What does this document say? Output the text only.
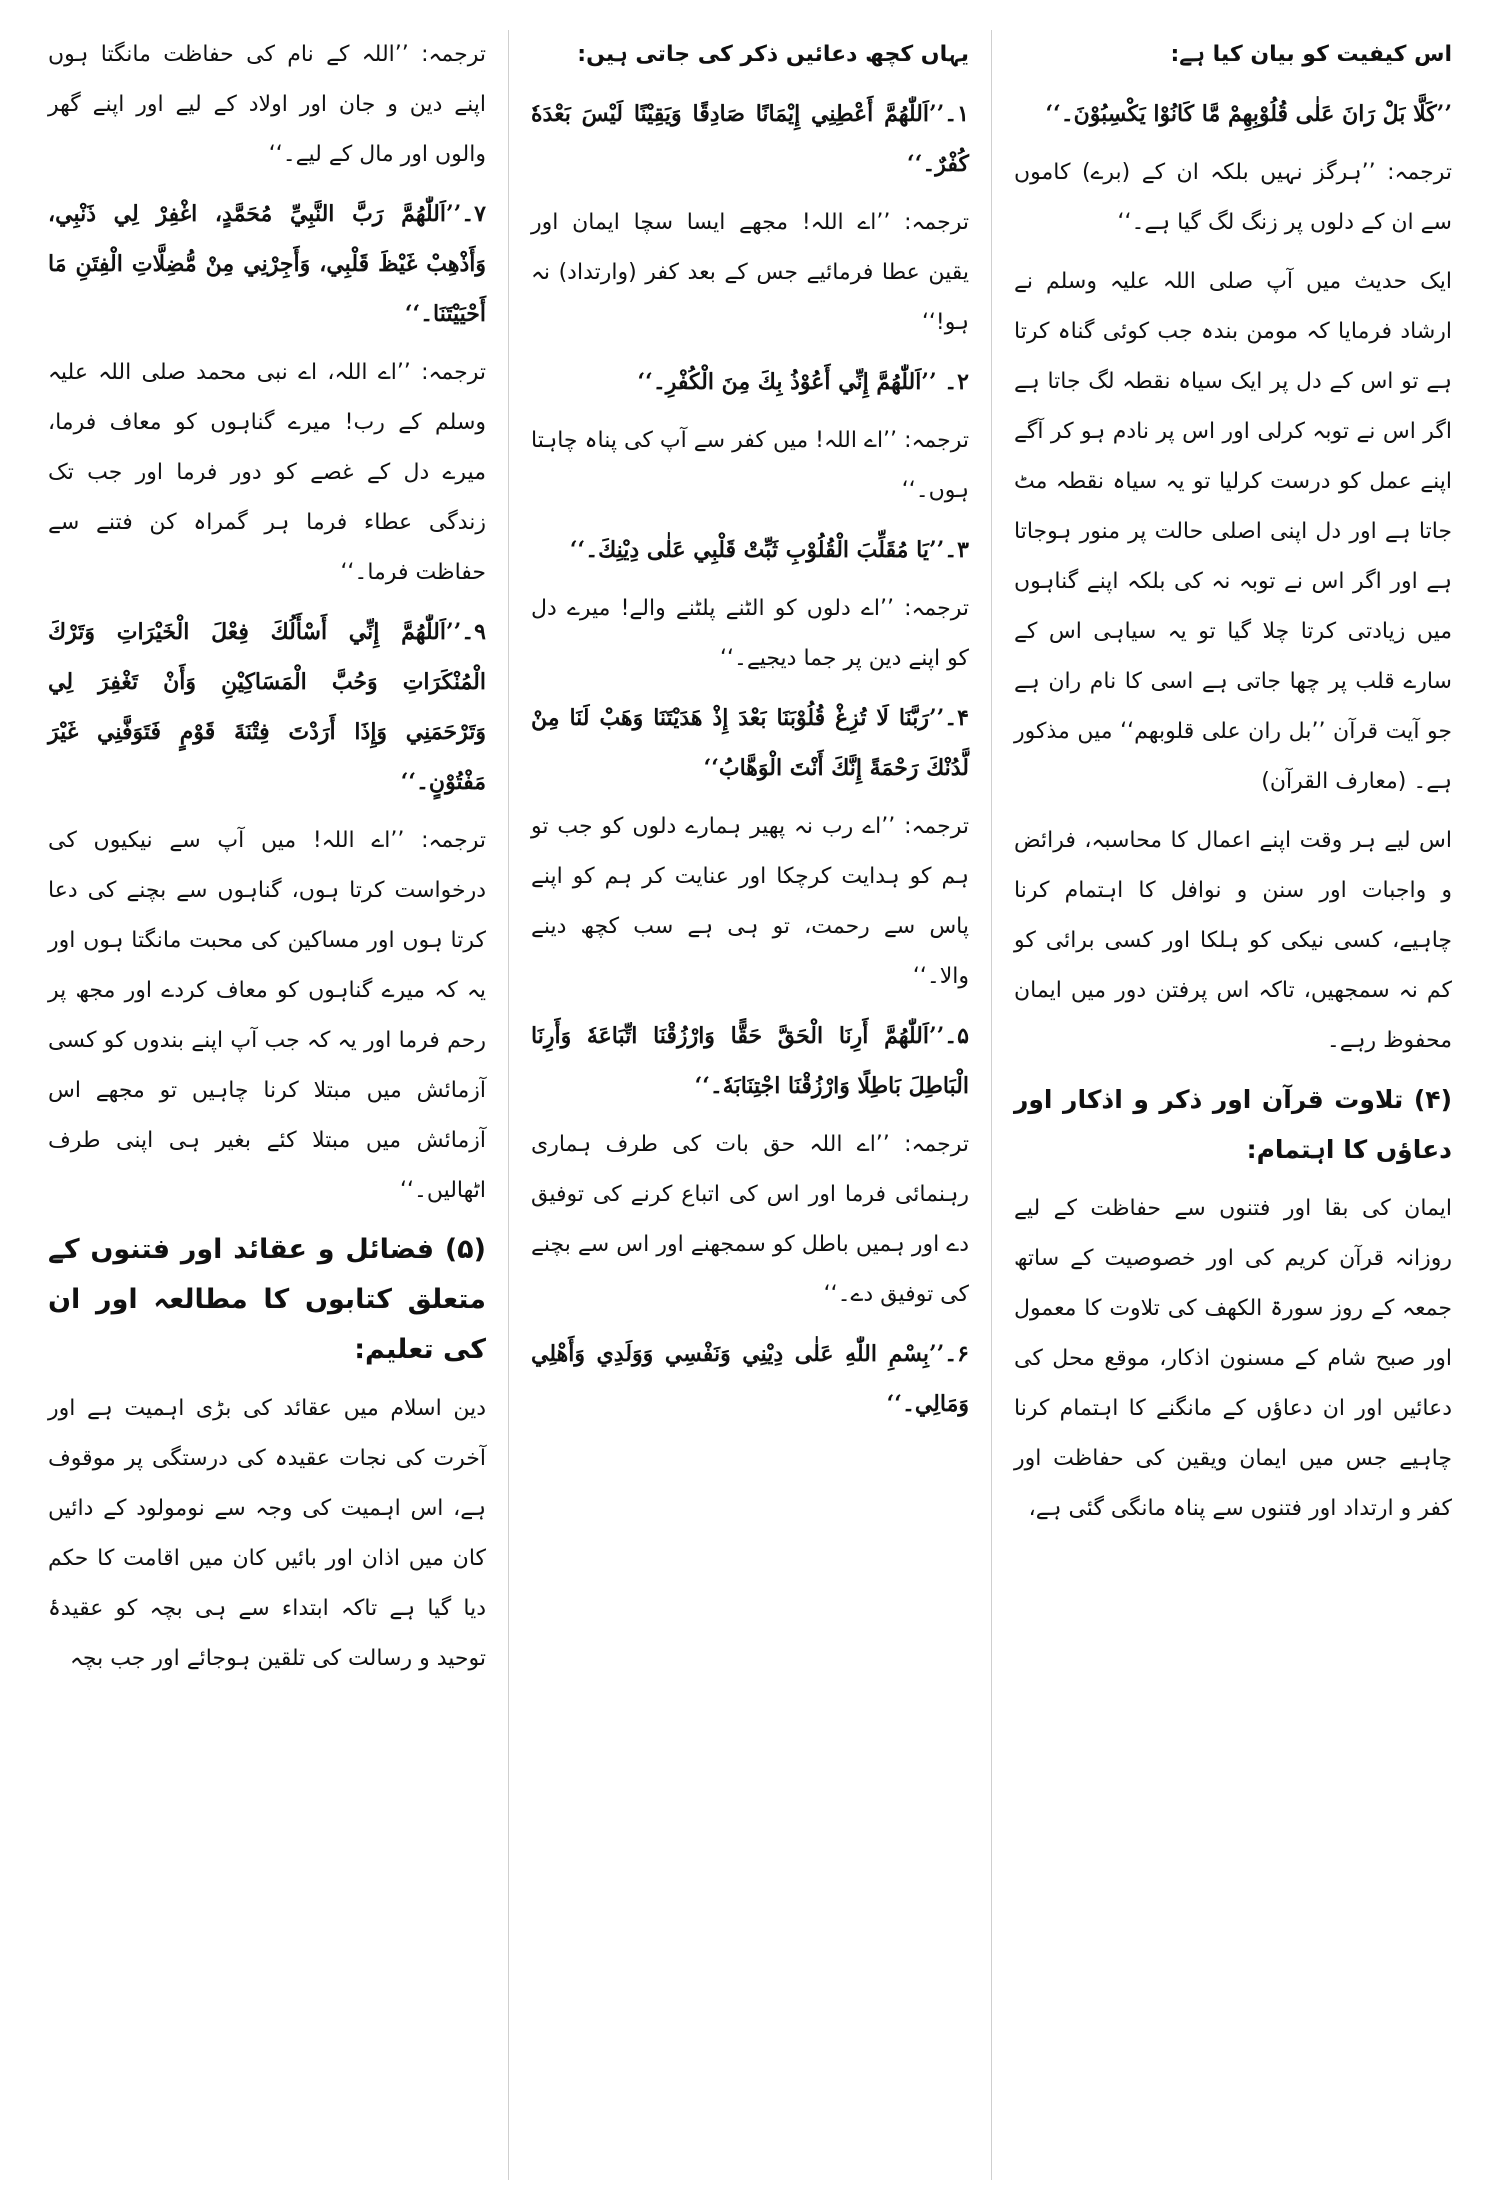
اس کیفیت کو بیان کیا ہے:

’’كَلَّا بَلْ رَانَ عَلٰى قُلُوْبِهِمْ مَّا كَانُوْا يَكْسِبُوْنَ۔‘‘

ترجمہ: ’’ہرگز نہیں بلکہ ان کے (برے) کاموں سے ان کے دلوں پر زنگ لگ گیا ہے۔‘‘

ایک حدیث میں آپ صلی اللہ علیہ وسلم نے ارشاد فرمایا کہ مومن بندہ جب کوئی گناہ کرتا ہے تو اس کے دل پر ایک سیاہ نقطہ لگ جاتا ہے اگر اس نے توبہ کرلی اور اس پر نادم ہو کر آگے اپنے عمل کو درست کرلیا تو یہ سیاہ نقطہ مٹ جاتا ہے اور دل اپنی اصلی حالت پر منور ہوجاتا ہے اور اگر اس نے توبہ نہ کی بلکہ اپنے گناہوں میں زیادتی کرتا چلا گیا تو یہ سیاہی اس کے سارے قلب پر چھا جاتی ہے اسی کا نام ران ہے جو آیت قرآن ’’بل ران علی قلوبھم‘‘ میں مذکور ہے۔ (معارف القرآن)

اس لیے ہر وقت اپنے اعمال کا محاسبہ، فرائض و واجبات اور سنن و نوافل کا اہتمام کرنا چاہیے، کسی نیکی کو ہلکا اور کسی برائی کو کم نہ سمجھیں، تاکہ اس پرفتن دور میں ایمان محفوظ رہے۔

(۴) تلاوت قرآن اور ذکر و اذکار اور دعاؤں کا اہتمام:

ایمان کی بقا اور فتنوں سے حفاظت کے لیے روزانہ قرآن کریم کی اور خصوصیت کے ساتھ جمعہ کے روز سورۃ الکھف کی تلاوت کا معمول اور صبح شام کے مسنون اذکار، موقع محل کی دعائیں اور ان دعاؤں کے مانگنے کا اہتمام کرنا چاہیے جس میں ایمان ویقین کی حفاظت اور کفر و ارتداد اور فتنوں سے پناہ مانگی گئی ہے،

یہاں کچھ دعائیں ذکر کی جاتی ہیں:

۱۔’’اَللّٰهُمَّ أَعْطِنِي إِيْمَانًا صَادِقًا وَيَقِيْنًا لَيْسَ بَعْدَهٗ كُفْرٌ۔‘‘

ترجمہ: ’’اے اللہ! مجھے ایسا سچا ایمان اور یقین عطا فرمائیے جس کے بعد کفر (وارتداد) نہ ہو!‘‘

۲۔ ’’اَللّٰهُمَّ إِنِّي أَعُوْذُ بِكَ مِنَ الْكُفْرِ۔‘‘

ترجمہ: ’’اے اللہ! میں کفر سے آپ کی پناہ چاہتا ہوں۔‘‘

۳۔’’يَا مُقَلِّبَ الْقُلُوْبِ ثَبِّتْ قَلْبِي عَلٰى دِيْنِكَ۔‘‘

ترجمہ: ’’اے دلوں کو الٹنے پلٹنے والے! میرے دل کو اپنے دین پر جما دیجیے۔‘‘

۴۔’’رَبَّنَا لَا تُزِغْ قُلُوْبَنَا بَعْدَ إِذْ هَدَيْتَنَا وَهَبْ لَنَا مِنْ لَّدُنْكَ رَحْمَةً إِنَّكَ أَنْتَ الْوَهَّابُ‘‘

ترجمہ: ’’اے رب نہ پھیر ہمارے دلوں کو جب تو ہم کو ہدایت کرچکا اور عنایت کر ہم کو اپنے پاس سے رحمت، تو ہی ہے سب کچھ دینے والا۔‘‘

۵۔’’اَللّٰهُمَّ أَرِنَا الْحَقَّ حَقًّا وَارْزُقْنَا اتِّبَاعَهٗ وَأَرِنَا الْبَاطِلَ بَاطِلًا وَارْزُقْنَا اجْتِنَابَهٗ۔‘‘

ترجمہ: ’’اے اللہ حق بات کی طرف ہماری رہنمائی فرما اور اس کی اتباع کرنے کی توفیق دے اور ہمیں باطل کو سمجھنے اور اس سے بچنے کی توفیق دے۔‘‘

۶۔’’بِسْمِ اللّٰهِ عَلٰى دِيْنِي وَنَفْسِي وَوَلَدِي وَأَهْلِي وَمَالِي۔‘‘

ترجمہ: ’’اللہ کے نام کی حفاظت مانگتا ہوں اپنے دین و جان اور اولاد کے لیے اور اپنے گھر والوں اور مال کے لیے۔‘‘

۷۔’’اَللّٰهُمَّ رَبَّ النَّبِيِّ مُحَمَّدٍ، اغْفِرْ لِي ذَنْبِي، وَأَذْهِبْ غَيْظَ قَلْبِي، وَأَجِرْنِي مِنْ مُّضِلَّاتِ الْفِتَنِ مَا أَحْيَيْتَنَا۔‘‘

ترجمہ: ’’اے اللہ، اے نبی محمد صلی اللہ علیہ وسلم کے رب! میرے گناہوں کو معاف فرما، میرے دل کے غصے کو دور فرما اور جب تک زندگی عطاء فرما ہر گمراہ کن فتنے سے حفاظت فرما۔‘‘

۹۔’’اَللّٰهُمَّ إِنِّي أَسْأَلُكَ فِعْلَ الْخَيْرَاتِ وَتَرْكَ الْمُنْكَرَاتِ وَحُبَّ الْمَسَاكِيْنِ وَأَنْ تَغْفِرَ لِي وَتَرْحَمَنِي وَإِذَا أَرَدْتَ فِتْنَةَ قَوْمٍ فَتَوَفَّنِي غَيْرَ مَفْتُوْنٍ۔‘‘

ترجمہ: ’’اے اللہ! میں آپ سے نیکیوں کی درخواست کرتا ہوں، گناہوں سے بچنے کی دعا کرتا ہوں اور مساکین کی محبت مانگتا ہوں اور یہ کہ میرے گناہوں کو معاف کردے اور مجھ پر رحم فرما اور یہ کہ جب آپ اپنے بندوں کو کسی آزمائش میں مبتلا کرنا چاہیں تو مجھے اس آزمائش میں مبتلا کئے بغیر ہی اپنی طرف اٹھالیں۔‘‘

(۵) فضائل و عقائد اور فتنوں کے متعلق کتابوں کا مطالعہ اور ان کی تعلیم:

دین اسلام میں عقائد کی بڑی اہمیت ہے اور آخرت کی نجات عقیدہ کی درستگی پر موقوف ہے، اس اہمیت کی وجہ سے نومولود کے دائیں کان میں اذان اور بائیں کان میں اقامت کا حکم دیا گیا ہے تاکہ ابتداء سے ہی بچہ کو عقیدۂ توحید و رسالت کی تلقین ہوجائے اور جب بچہ
